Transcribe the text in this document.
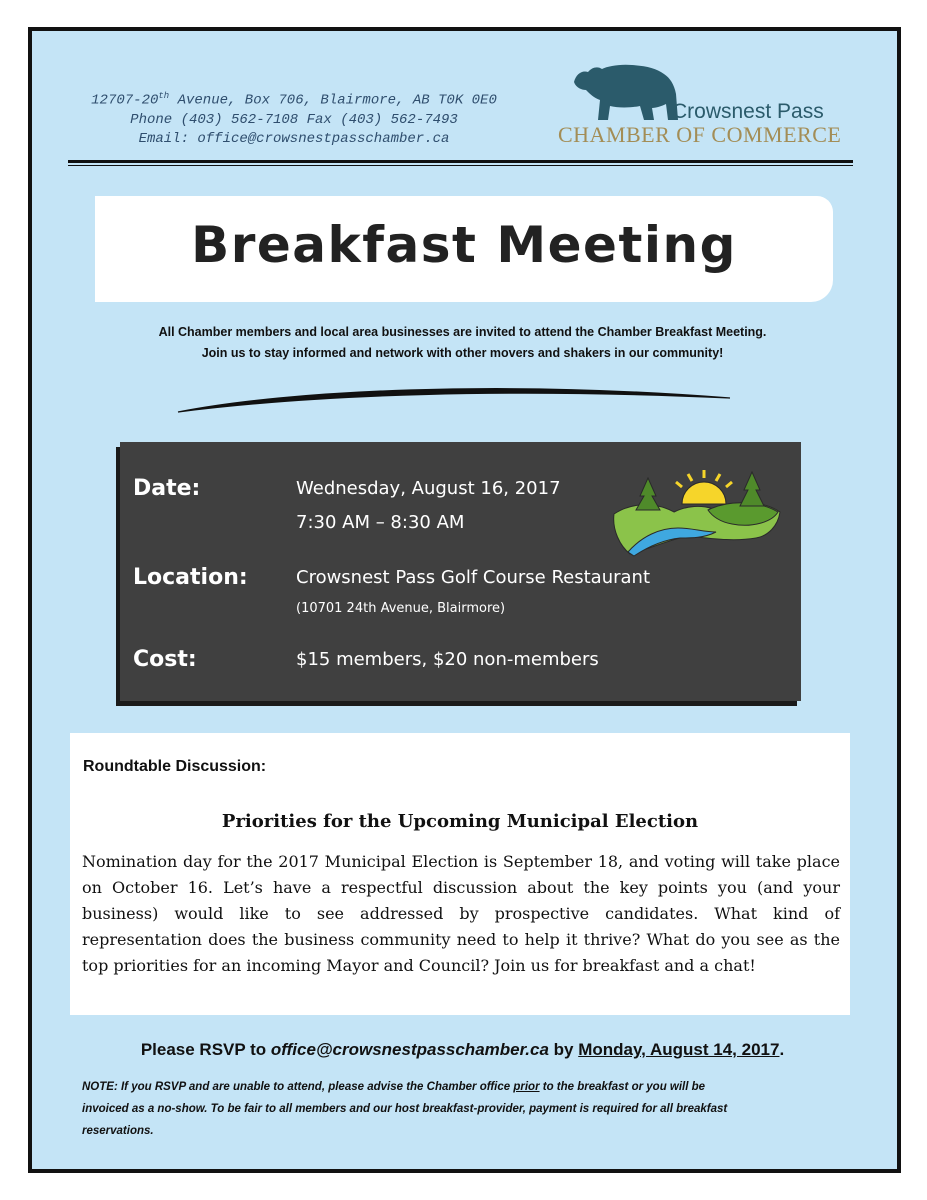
12707-20th Avenue, Box 706, Blairmore, AB T0K 0E0
Phone (403) 562-7108 Fax (403) 562-7493
Email: office@crowsnestpasschamber.ca
Crowsnest Pass
CHAMBER OF COMMERCE
Breakfast Meeting
All Chamber members and local area businesses are invited to attend the Chamber Breakfast Meeting.
Join us to stay informed and network with other movers and shakers in our community!
Date:	Wednesday, August 16, 2017
7:30 AM – 8:30 AM
Location:	Crowsnest Pass Golf Course Restaurant
(10701 24th Avenue, Blairmore)
Cost:	$15 members, $20 non-members
Roundtable Discussion:
Priorities for the Upcoming Municipal Election
Nomination day for the 2017 Municipal Election is September 18, and voting will take place on October 16. Let’s have a respectful discussion about the key points you (and your business) would like to see addressed by prospective candidates. What kind of representation does the business community need to help it thrive? What do you see as the top priorities for an incoming Mayor and Council? Join us for breakfast and a chat!
Please RSVP to office@crowsnestpasschamber.ca by Monday, August 14, 2017.
NOTE: If you RSVP and are unable to attend, please advise the Chamber office prior to the breakfast or you will be
invoiced as a no-show. To be fair to all members and our host breakfast-provider, payment is required for all breakfast
reservations.
